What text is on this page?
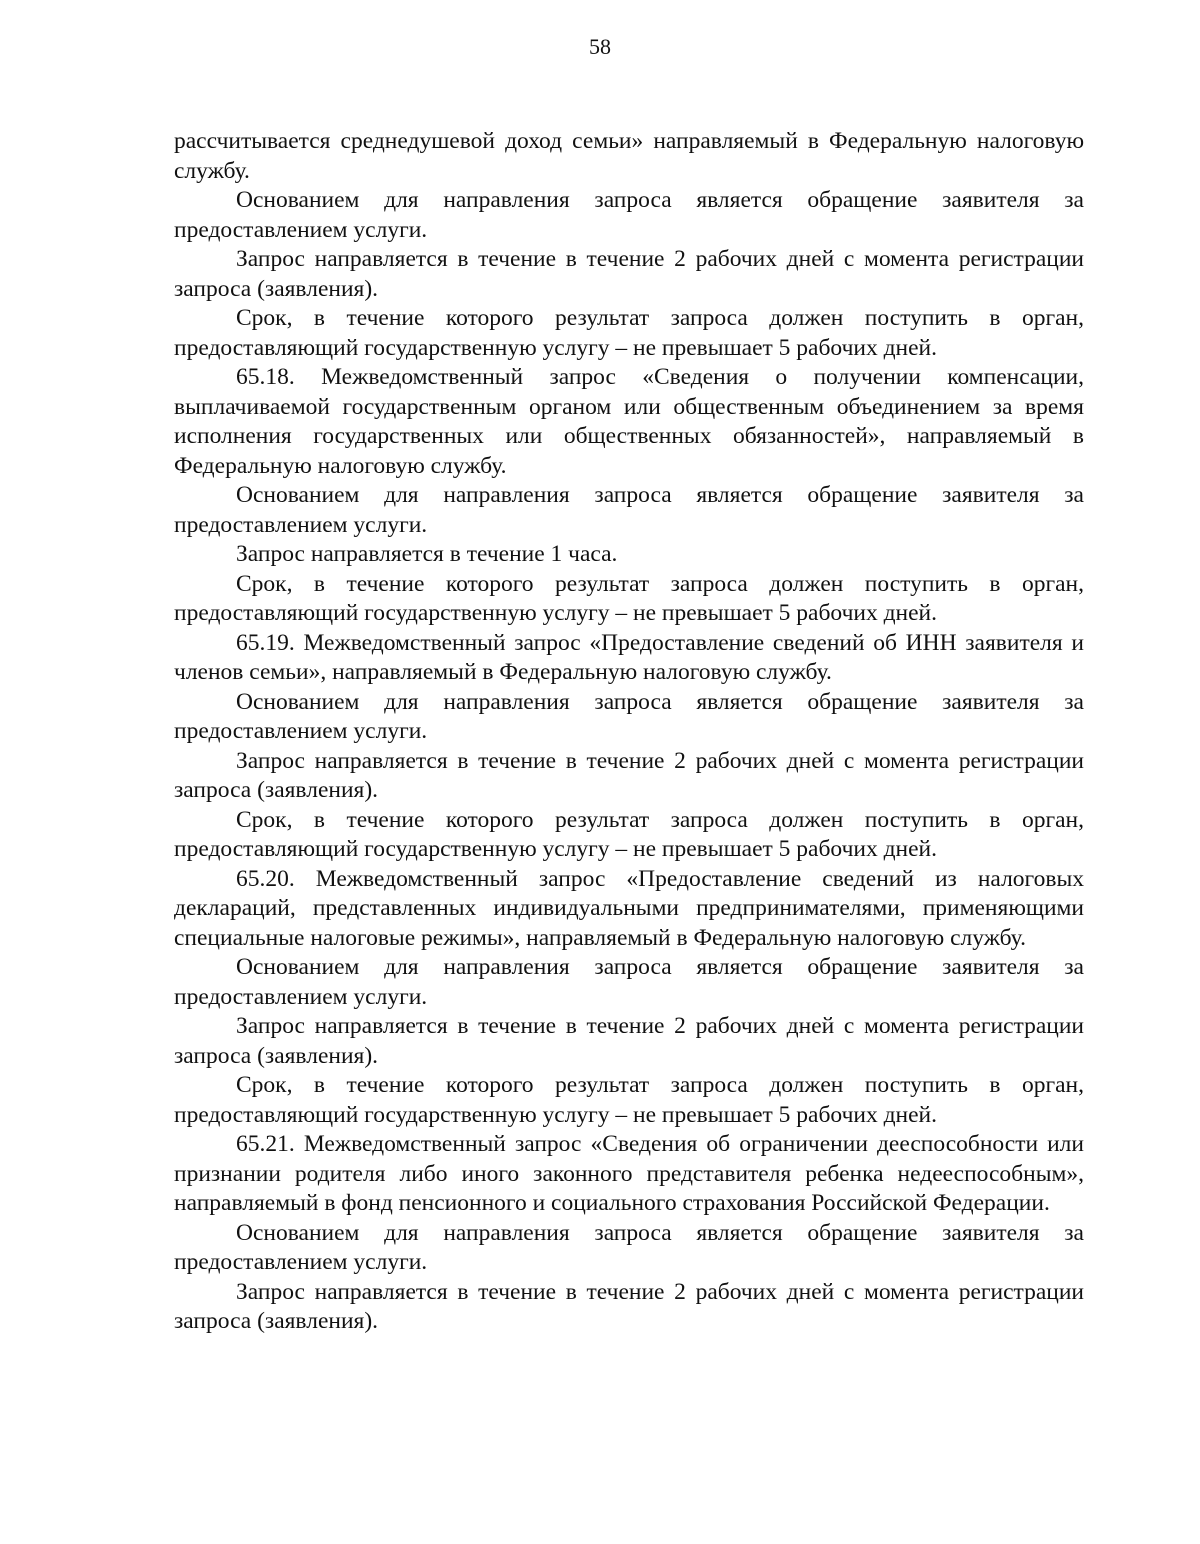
58

рассчитывается среднедушевой доход семьи» направляемый в Федеральную налоговую службу.

Основанием для направления запроса является обращение заявителя за предоставлением услуги.

Запрос направляется в течение в течение 2 рабочих дней с момента регистрации запроса (заявления).

Срок, в течение которого результат запроса должен поступить в орган, предоставляющий государственную услугу – не превышает 5 рабочих дней.

65.18. Межведомственный запрос «Сведения о получении компенсации, выплачиваемой государственным органом или общественным объединением за время исполнения государственных или общественных обязанностей», направляемый в Федеральную налоговую службу.

Основанием для направления запроса является обращение заявителя за предоставлением услуги.

Запрос направляется в течение 1 часа.

Срок, в течение которого результат запроса должен поступить в орган, предоставляющий государственную услугу – не превышает 5 рабочих дней.

65.19. Межведомственный запрос «Предоставление сведений об ИНН заявителя и членов семьи», направляемый в Федеральную налоговую службу.

Основанием для направления запроса является обращение заявителя за предоставлением услуги.

Запрос направляется в течение в течение 2 рабочих дней с момента регистрации запроса (заявления).

Срок, в течение которого результат запроса должен поступить в орган, предоставляющий государственную услугу – не превышает 5 рабочих дней.

65.20. Межведомственный запрос «Предоставление сведений из налоговых деклараций, представленных индивидуальными предпринимателями, применяющими специальные налоговые режимы», направляемый в Федеральную налоговую службу.

Основанием для направления запроса является обращение заявителя за предоставлением услуги.

Запрос направляется в течение в течение 2 рабочих дней с момента регистрации запроса (заявления).

Срок, в течение которого результат запроса должен поступить в орган, предоставляющий государственную услугу – не превышает 5 рабочих дней.

65.21. Межведомственный запрос «Сведения об ограничении дееспособности или признании родителя либо иного законного представителя ребенка недееспособным», направляемый в фонд пенсионного и социального страхования Российской Федерации.

Основанием для направления запроса является обращение заявителя за предоставлением услуги.

Запрос направляется в течение в течение 2 рабочих дней с момента регистрации запроса (заявления).
